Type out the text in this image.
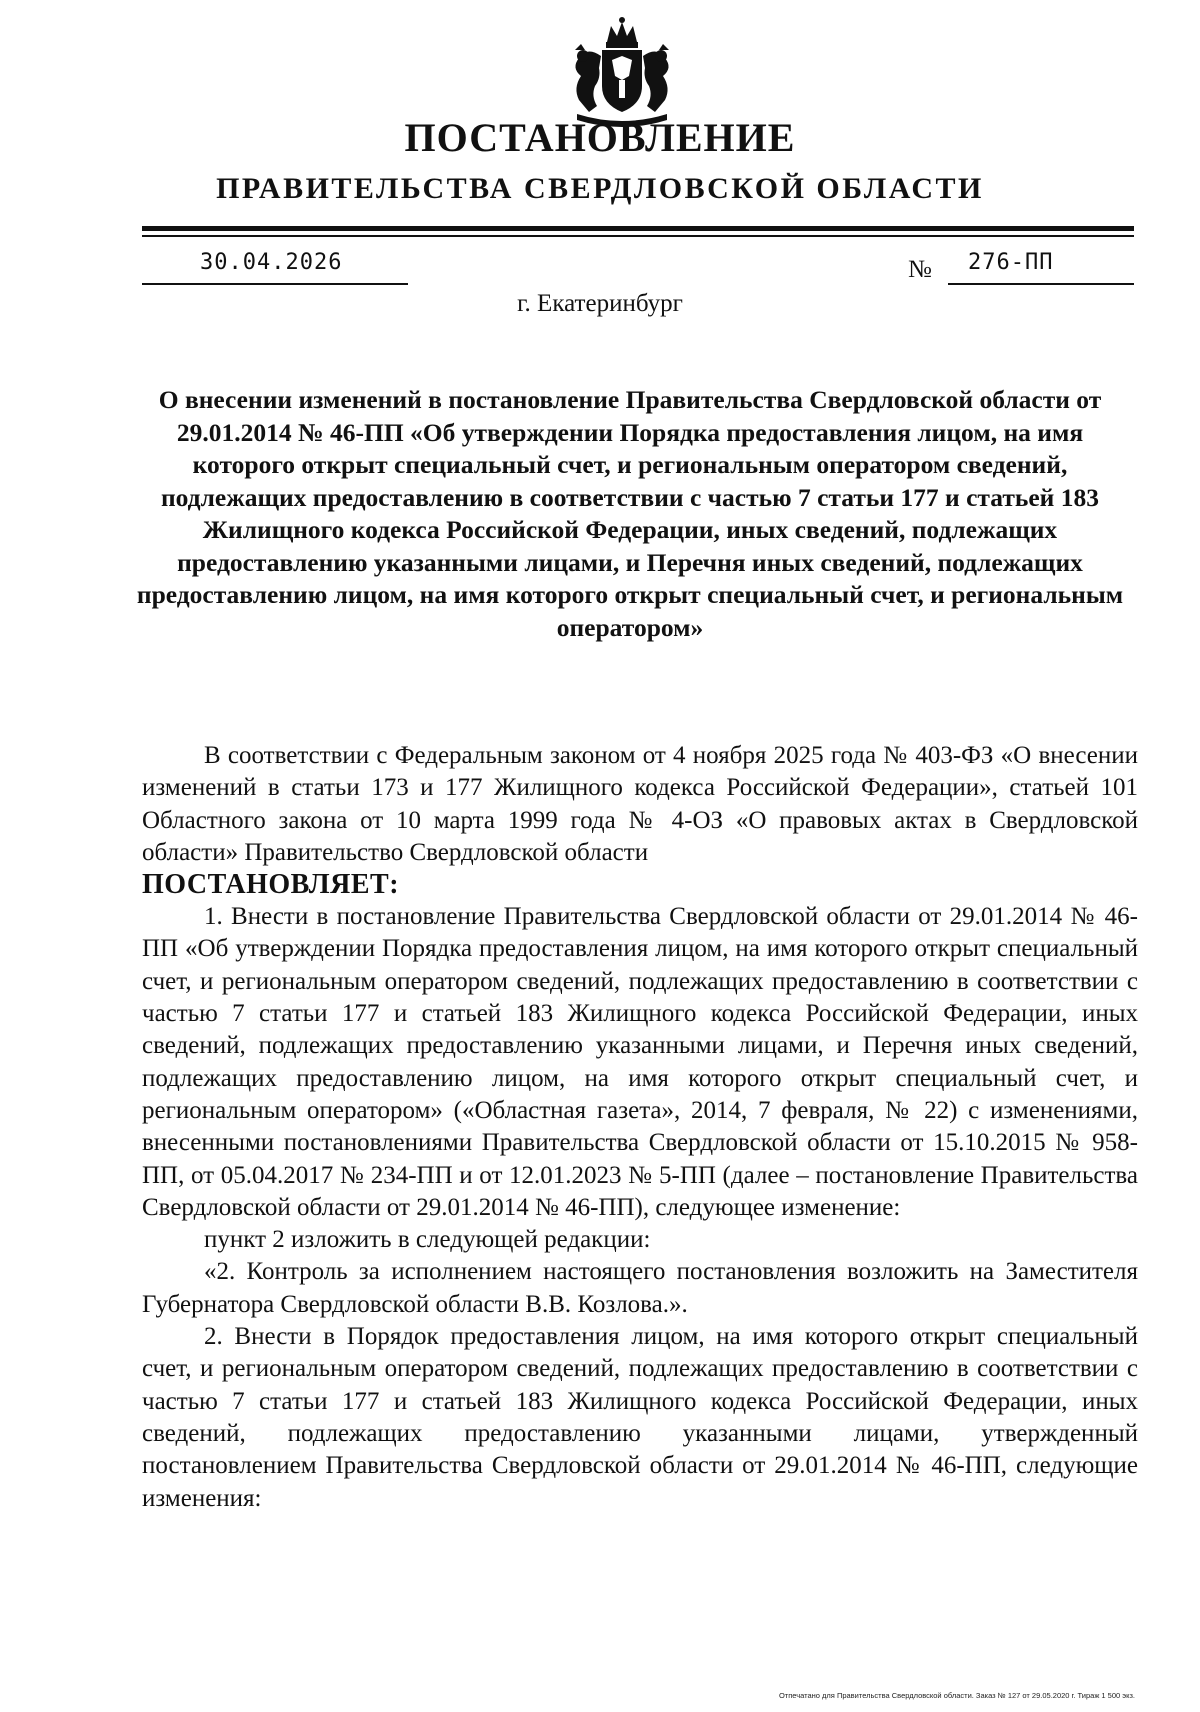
ПОСТАНОВЛЕНИЕ
ПРАВИТЕЛЬСТВА СВЕРДЛОВСКОЙ ОБЛАСТИ
30.04.2026	№ 276-ПП
г. Екатеринбург
О внесении изменений в постановление Правительства Свердловской области от 29.01.2014 № 46-ПП «Об утверждении Порядка предоставления лицом, на имя которого открыт специальный счет, и региональным оператором сведений, подлежащих предоставлению в соответствии с частью 7 статьи 177 и статьей 183 Жилищного кодекса Российской Федерации, иных сведений, подлежащих предоставлению указанными лицами, и Перечня иных сведений, подлежащих предоставлению лицом, на имя которого открыт специальный счет, и региональным оператором»

В соответствии с Федеральным законом от 4 ноября 2025 года № 403-ФЗ «О внесении изменений в статьи 173 и 177 Жилищного кодекса Российской Федерации», статьей 101 Областного закона от 10 марта 1999 года № 4-ОЗ «О правовых актах в Свердловской области» Правительство Свердловской области

ПОСТАНОВЛЯЕТ:

1. Внести в постановление Правительства Свердловской области от 29.01.2014 № 46-ПП «Об утверждении Порядка предоставления лицом, на имя которого открыт специальный счет, и региональным оператором сведений, подлежащих предоставлению в соответствии с частью 7 статьи 177 и статьей 183 Жилищного кодекса Российской Федерации, иных сведений, подлежащих предоставлению указанными лицами, и Перечня иных сведений, подлежащих предоставлению лицом, на имя которого открыт специальный счет, и региональным оператором» («Областная газета», 2014, 7 февраля, № 22) с изменениями, внесенными постановлениями Правительства Свердловской области от 15.10.2015 № 958-ПП, от 05.04.2017 № 234-ПП и от 12.01.2023 № 5-ПП (далее – постановление Правительства Свердловской области от 29.01.2014 № 46-ПП), следующее изменение:

пункт 2 изложить в следующей редакции:

«2. Контроль за исполнением настоящего постановления возложить на Заместителя Губернатора Свердловской области В.В. Козлова.».

2. Внести в Порядок предоставления лицом, на имя которого открыт специальный счет, и региональным оператором сведений, подлежащих предоставлению в соответствии с частью 7 статьи 177 и статьей 183 Жилищного кодекса Российской Федерации, иных сведений, подлежащих предоставлению указанными лицами, утвержденный постановлением Правительства Свердловской области от 29.01.2014 № 46-ПП, следующие изменения:

Отпечатано для Правительства Свердловской области. Заказ № 127 от 29.05.2020 г. Тираж 1 500 экз.
